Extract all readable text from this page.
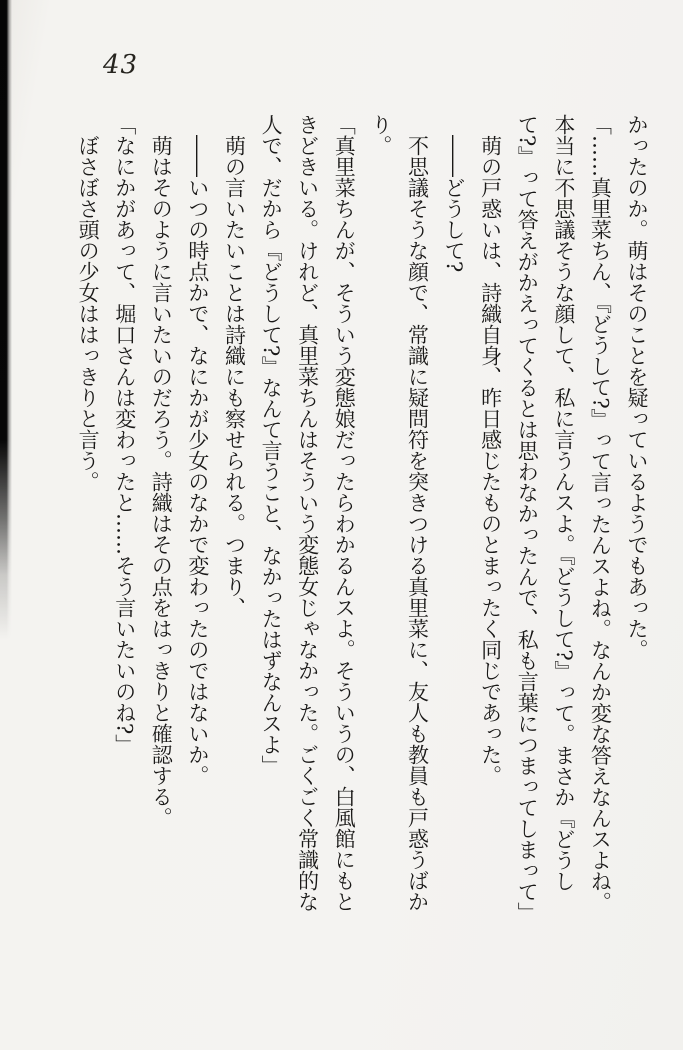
43

かったのか。萌はそのことを疑っているようでもあった。

「……真里菜ちん、『どうして?』って言ったんスよね。なんか変な答えなんスよね。

本当に不思議そうな顔して、私に言うんスよ。『どうして?』って。まさか『どうし

て?』って答えがかえってくるとは思わなかったんで、私も言葉につまってしまって」

萌の戸惑いは、詩織自身、昨日感じたものとまったく同じであった。

――どうして?

不思議そうな顔で、常識に疑問符を突きつける真里菜に、友人も教員も戸惑うばか

り。

「真里菜ちんが、そういう変態娘だったらわかるんスよ。そういうの、白風館にもと

きどきいる。けれど、真里菜ちんはそういう変態女じゃなかった。ごくごく常識的な

人で、だから『どうして?』なんて言うこと、なかったはずなんスよ」

萌の言いたいことは詩織にも察せられる。つまり、

――いつの時点かで、なにかが少女のなかで変わったのではないか。

萌はそのように言いたいのだろう。詩織はその点をはっきりと確認する。

「なにかがあって、堀口さんは変わったと……そう言いたいのね?」

ぼさぼさ頭の少女ははっきりと言う。
